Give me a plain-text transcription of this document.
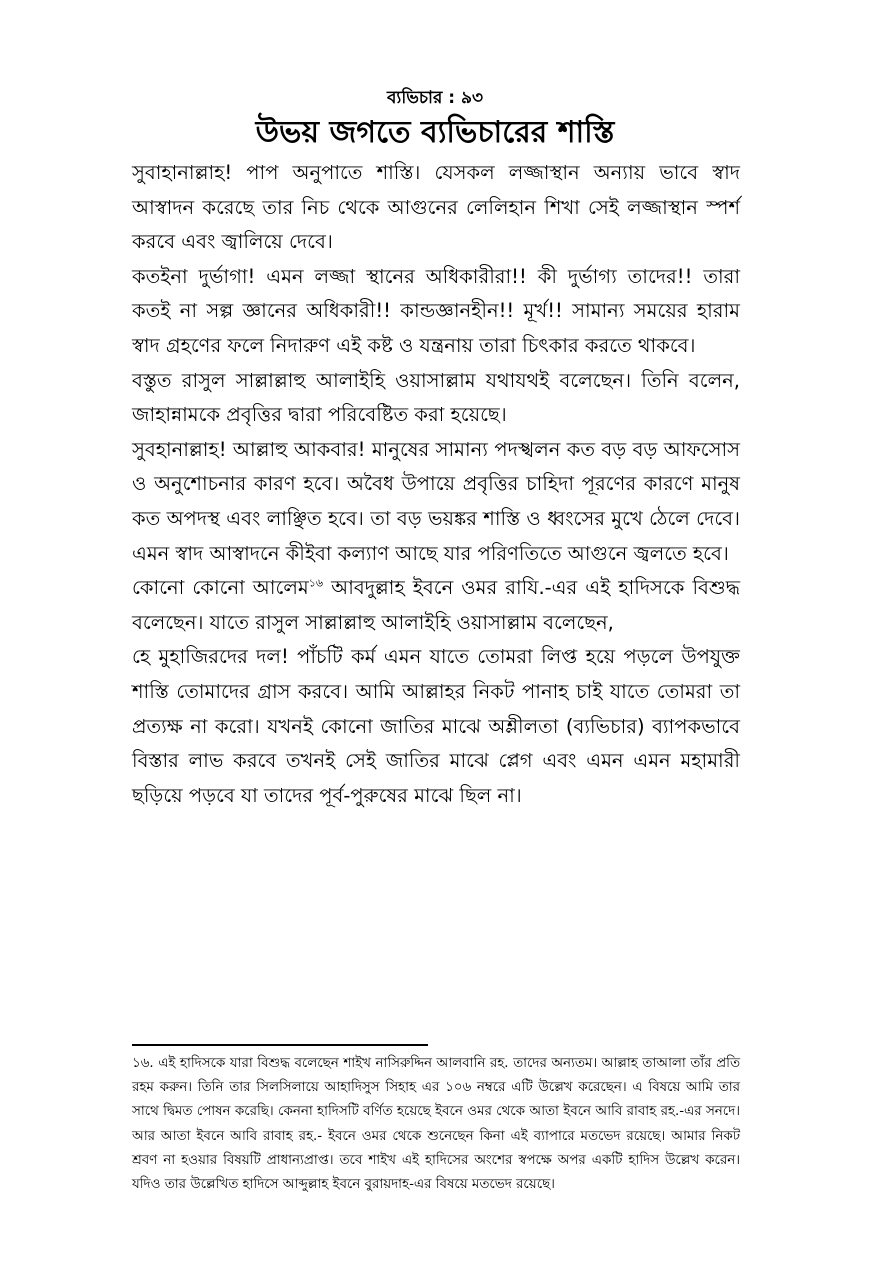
ব্যভিচার : ৯৩
উভয় জগতে ব্যভিচারের শাস্তি

সুবাহানাল্লাহ! পাপ অনুপাতে শাস্তি। যেসকল লজ্জাস্থান অন্যায় ভাবে স্বাদ আস্বাদন করেছে তার নিচ থেকে আগুনের লেলিহান শিখা সেই লজ্জাস্থান স্পর্শ করবে এবং জ্বালিয়ে দেবে।

কতইনা দুর্ভাগা! এমন লজ্জা স্থানের অধিকারীরা!! কী দুর্ভাগ্য তাদের!! তারা কতই না সল্প জ্ঞানের অধিকারী!! কান্ডজ্ঞানহীন!! মূর্খ!! সামান্য সময়ের হারাম স্বাদ গ্রহণের ফলে নিদারুণ এই কষ্ট ও যন্ত্রনায় তারা চিৎকার করতে থাকবে।

বস্তুত রাসুল সাল্লাল্লাহু আলাইহি ওয়াসাল্লাম যথাযথই বলেছেন। তিনি বলেন, জাহান্নামকে প্রবৃত্তির দ্বারা পরিবেষ্টিত করা হয়েছে।

সুবহানাল্লাহ! আল্লাহু আকবার! মানুষের সামান্য পদস্খলন কত বড় বড় আফসোস ও অনুশোচনার কারণ হবে। অবৈধ উপায়ে প্রবৃত্তির চাহিদা পূরণের কারণে মানুষ কত অপদস্থ এবং লাঞ্ছিত হবে। তা বড় ভয়ঙ্কর শাস্তি ও ধ্বংসের মুখে ঠেলে দেবে। এমন স্বাদ আস্বাদনে কীইবা কল্যাণ আছে যার পরিণতিতে আগুনে জ্বলতে হবে।

কোনো কোনো আলেম$^{১৬}$ আবদুল্লাহ ইবনে ওমর রাযি.-এর এই হাদিসকে বিশুদ্ধ বলেছেন। যাতে রাসুল সাল্লাল্লাহু আলাইহি ওয়াসাল্লাম বলেছেন,

হে মুহাজিরদের দল! পাঁচটি কর্ম এমন যাতে তোমরা লিপ্ত হয়ে পড়লে উপযুক্ত শাস্তি তোমাদের গ্রাস করবে। আমি আল্লাহর নিকট পানাহ চাই যাতে তোমরা তা প্রত্যক্ষ না করো। যখনই কোনো জাতির মাঝে অশ্লীলতা (ব্যভিচার) ব্যাপকভাবে বিস্তার লাভ করবে তখনই সেই জাতির মাঝে প্লেগ এবং এমন এমন মহামারী ছড়িয়ে পড়বে যা তাদের পূর্ব-পুরুষের মাঝে ছিল না।

১৬. এই হাদিসকে যারা বিশুদ্ধ বলেছেন শাইখ নাসিরুদ্দিন আলবানি রহ. তাদের অন্যতম। আল্লাহ তাআলা তাঁর প্রতি রহম করুন। তিনি তার সিলসিলায়ে আহাদিসুস সিহাহ এর ১০৬ নম্বরে এটি উল্লেখ করেছেন। এ বিষয়ে আমি তার সাথে দ্বিমত পোষন করেছি। কেননা হাদিসটি বর্ণিত হয়েছে ইবনে ওমর থেকে আতা ইবনে আবি রাবাহ রহ.-এর সনদে। আর আতা ইবনে আবি রাবাহ রহ.- ইবনে ওমর থেকে শুনেছেন কিনা এই ব্যাপারে মতভেদ রয়েছে। আমার নিকট শ্রবণ না হওয়ার বিষয়টি প্রাধান্যপ্রাপ্ত। তবে শাইখ এই হাদিসের অংশের স্বপক্ষে অপর একটি হাদিস উল্লেখ করেন। যদিও তার উল্লেখিত হাদিসে আব্দুল্লাহ ইবনে বুরায়দাহ-এর বিষয়ে মতভেদ রয়েছে।
